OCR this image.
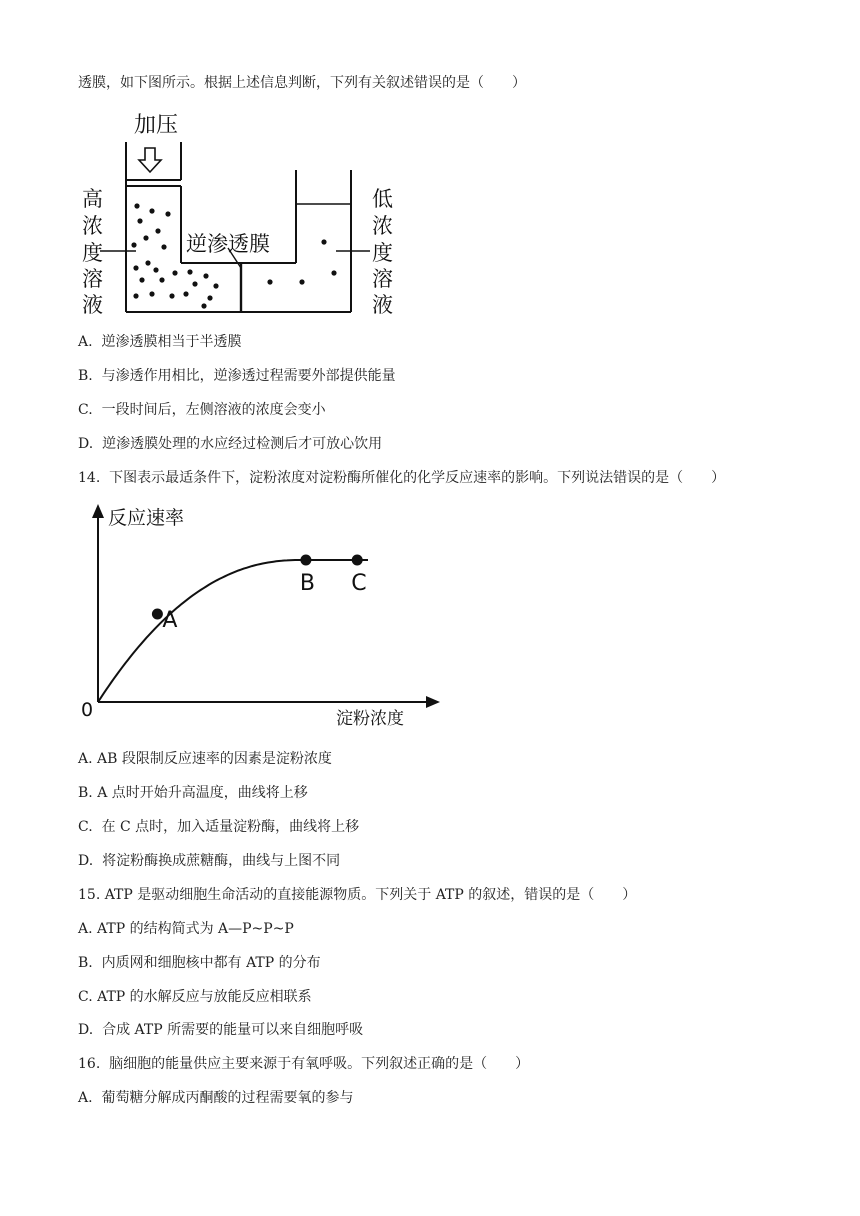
透膜，如下图所示。根据上述信息判断，下列有关叙述错误的是（　　）
加压
逆渗透膜
高
浓
度
溶
液
低
浓
度
溶
液
A.  逆渗透膜相当于半透膜
B.  与渗透作用相比，逆渗透过程需要外部提供能量
C.  一段时间后，左侧溶液的浓度会变小
D.  逆渗透膜处理的水应经过检测后才可放心饮用
14.  下图表示最适条件下，淀粉浓度对淀粉酶所催化的化学反应速率的影响。下列说法错误的是（　　）
反应速率
淀粉浓度
0
A
B C
A. AB 段限制反应速率的因素是淀粉浓度
B. A 点时开始升高温度，曲线将上移
C.  在 C 点时，加入适量淀粉酶，曲线将上移
D.  将淀粉酶换成蔗糖酶，曲线与上图不同
15. ATP 是驱动细胞生命活动的直接能源物质。下列关于 ATP 的叙述，错误的是（　　）
A. ATP 的结构简式为 A—P~P~P
B.  内质网和细胞核中都有 ATP 的分布
C. ATP 的水解反应与放能反应相联系
D.  合成 ATP 所需要的能量可以来自细胞呼吸
16.  脑细胞的能量供应主要来源于有氧呼吸。下列叙述正确的是（　　）
A.  葡萄糖分解成丙酮酸的过程需要氧的参与
